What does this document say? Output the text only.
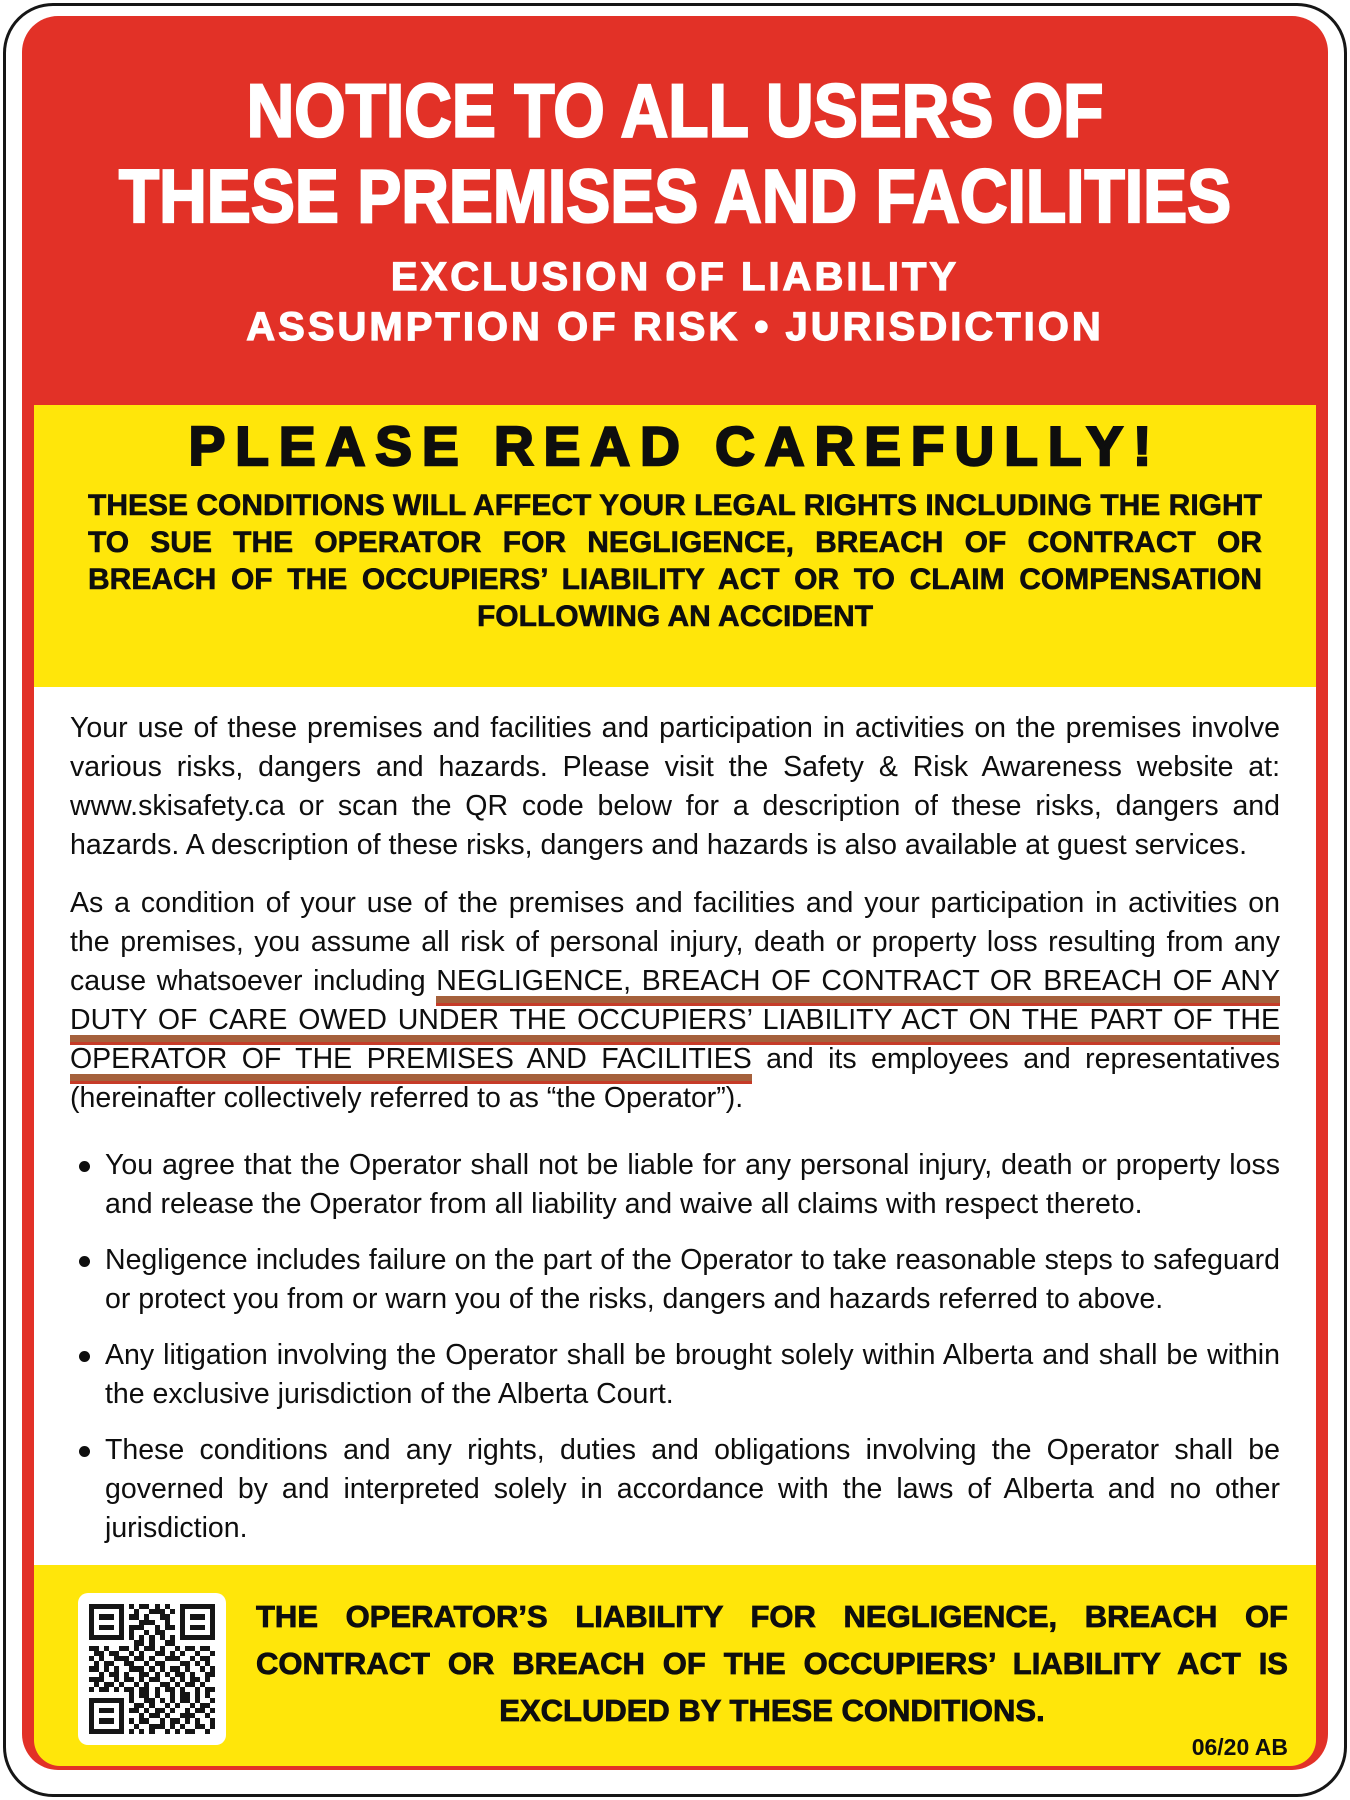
NOTICE TO ALL USERS OF
THESE PREMISES AND FACILITIES
EXCLUSION OF LIABILITY
ASSUMPTION OF RISK • JURISDICTION
PLEASE READ CAREFULLY!

THESE CONDITIONS WILL AFFECT YOUR LEGAL RIGHTS INCLUDING THE RIGHT TO SUE THE OPERATOR FOR NEGLIGENCE, BREACH OF CONTRACT OR BREACH OF THE OCCUPIERS’ LIABILITY ACT OR TO CLAIM COMPENSATION FOLLOWING AN ACCIDENT

Your use of these premises and facilities and participation in activities on the premises involve various risks, dangers and hazards. Please visit the Safety & Risk Awareness website at: www.skisafety.ca or scan the QR code below for a description of these risks, dangers and hazards. A description of these risks, dangers and hazards is also available at guest services.

As a condition of your use of the premises and facilities and your participation in activities on the premises, you assume all risk of personal injury, death or property loss resulting from any cause whatsoever including NEGLIGENCE, BREACH OF CONTRACT OR BREACH OF ANY DUTY OF CARE OWED UNDER THE OCCUPIERS’ LIABILITY ACT ON THE PART OF THE OPERATOR OF THE PREMISES AND FACILITIES and its employees and representatives (hereinafter collectively referred to as “the Operator”).

You agree that the Operator shall not be liable for any personal injury, death or property loss and release the Operator from all liability and waive all claims with respect thereto.
Negligence includes failure on the part of the Operator to take reasonable steps to safeguard or protect you from or warn you of the risks, dangers and hazards referred to above.
Any litigation involving the Operator shall be brought solely within Alberta and shall be within the exclusive jurisdiction of the Alberta Court.
These conditions and any rights, duties and obligations involving the Operator shall be governed by and interpreted solely in accordance with the laws of Alberta and no other jurisdiction.

THE OPERATOR’S LIABILITY FOR NEGLIGENCE, BREACH OF CONTRACT OR BREACH OF THE OCCUPIERS’ LIABILITY ACT IS EXCLUDED BY THESE CONDITIONS.

06/20 AB
